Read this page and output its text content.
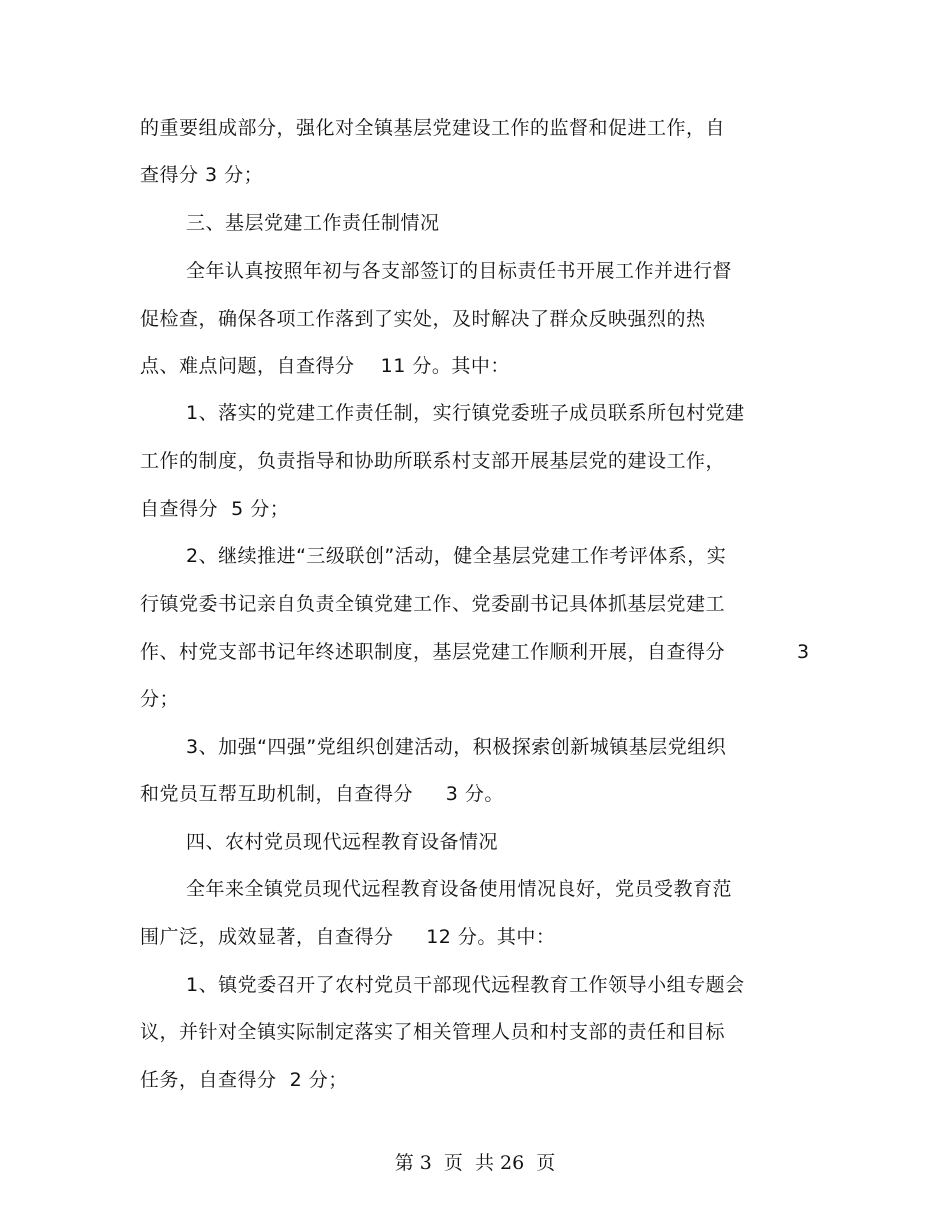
的重要组成部分，强化对全镇基层党建设工作的监督和促进工作，自
查得分 3 分；
三、基层党建工作责任制情况
全年认真按照年初与各支部签订的目标责任书开展工作并进行督
促检查，确保各项工作落到了实处，及时解决了群众反映强烈的热
点、难点问题，自查得分    11 分。其中：
1、落实的党建工作责任制，实行镇党委班子成员联系所包村党建
工作的制度，负责指导和协助所联系村支部开展基层党的建设工作，
自查得分  5 分；
2、继续推进“三级联创”活动，健全基层党建工作考评体系，实
行镇党委书记亲自负责全镇党建工作、党委副书记具体抓基层党建工
作、村党支部书记年终述职制度，基层党建工作顺利开展，自查得分	3
分；
3、加强“四强”党组织创建活动，积极探索创新城镇基层党组织
和党员互帮互助机制，自查得分     3 分。
四、农村党员现代远程教育设备情况
全年来全镇党员现代远程教育设备使用情况良好，党员受教育范
围广泛，成效显著，自查得分     12 分。其中：
1、镇党委召开了农村党员干部现代远程教育工作领导小组专题会
议，并针对全镇实际制定落实了相关管理人员和村支部的责任和目标
任务，自查得分  2 分；
第 3  页  共 26  页
